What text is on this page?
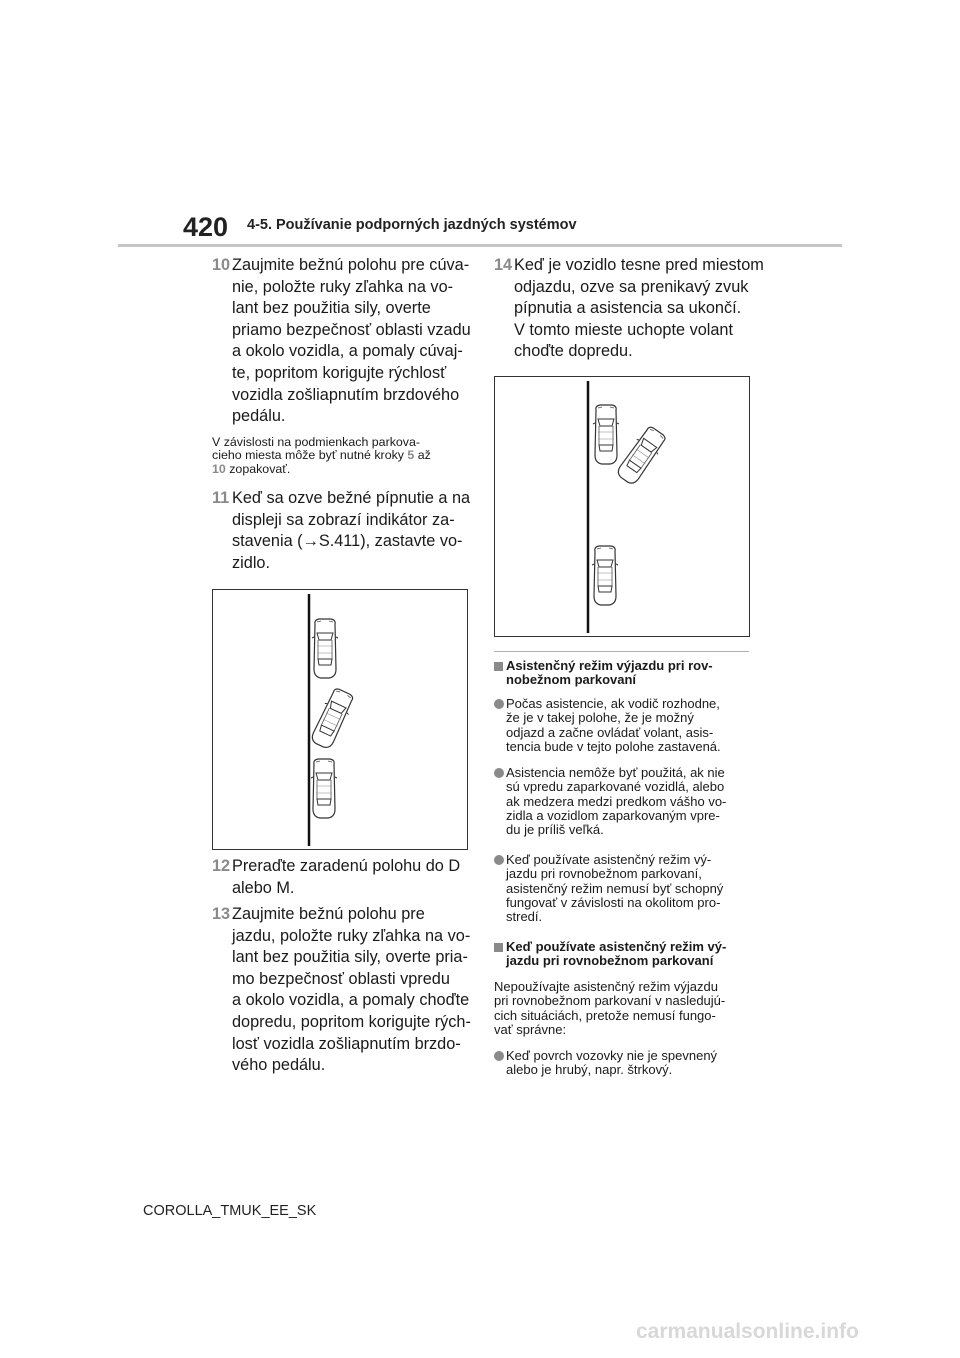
420 4-5. Používanie podporných jazdných systémov
10 Zaujmite bežnú polohu pre cúva-
nie, položte ruky zľahka na vo-
lant bez použitia sily, overte
priamo bezpečnosť oblasti vzadu
a okolo vozidla, a pomaly cúvaj-
te, popritom korigujte rýchlosť
vozidla zošliapnutím brzdového
pedálu.
V závislosti na podmienkach parkova-
cieho miesta môže byť nutné kroky 5 až
10 zopakovať.
11 Keď sa ozve bežné pípnutie a na
displeji sa zobrazí indikátor za-
stavenia (→S.411), zastavte vo-
zidlo.
12 Preraďte zaradenú polohu do D
alebo M.
13 Zaujmite bežnú polohu pre
jazdu, položte ruky zľahka na vo-
lant bez použitia sily, overte pria-
mo bezpečnosť oblasti vpredu
a okolo vozidla, a pomaly choďte
dopredu, popritom korigujte rých-
losť vozidla zošliapnutím brzdo-
vého pedálu.
14 Keď je vozidlo tesne pred miestom
odjazdu, ozve sa prenikavý zvuk
pípnutia a asistencia sa ukončí.
V tomto mieste uchopte volant
choďte dopredu.
Asistenčný režim výjazdu pri rov-
nobežnom parkovaní
Počas asistencie, ak vodič rozhodne,
že je v takej polohe, že je možný
odjazd a začne ovládať volant, asis-
tencia bude v tejto polohe zastavená.
Asistencia nemôže byť použitá, ak nie
sú vpredu zaparkované vozidlá, alebo
ak medzera medzi predkom vášho vo-
zidla a vozidlom zaparkovaným vpre-
du je príliš veľká.
Keď používate asistenčný režim vý-
jazdu pri rovnobežnom parkovaní,
asistenčný režim nemusí byť schopný
fungovať v závislosti na okolitom pro-
stredí.
Keď používate asistenčný režim vý-
jazdu pri rovnobežnom parkovaní
Nepoužívajte asistenčný režim výjazdu
pri rovnobežnom parkovaní v nasledujú-
cich situáciách, pretože nemusí fungo-
vať správne:
Keď povrch vozovky nie je spevnený
alebo je hrubý, napr. štrkový.
COROLLA_TMUK_EE_SK
carmanualsonline.info
